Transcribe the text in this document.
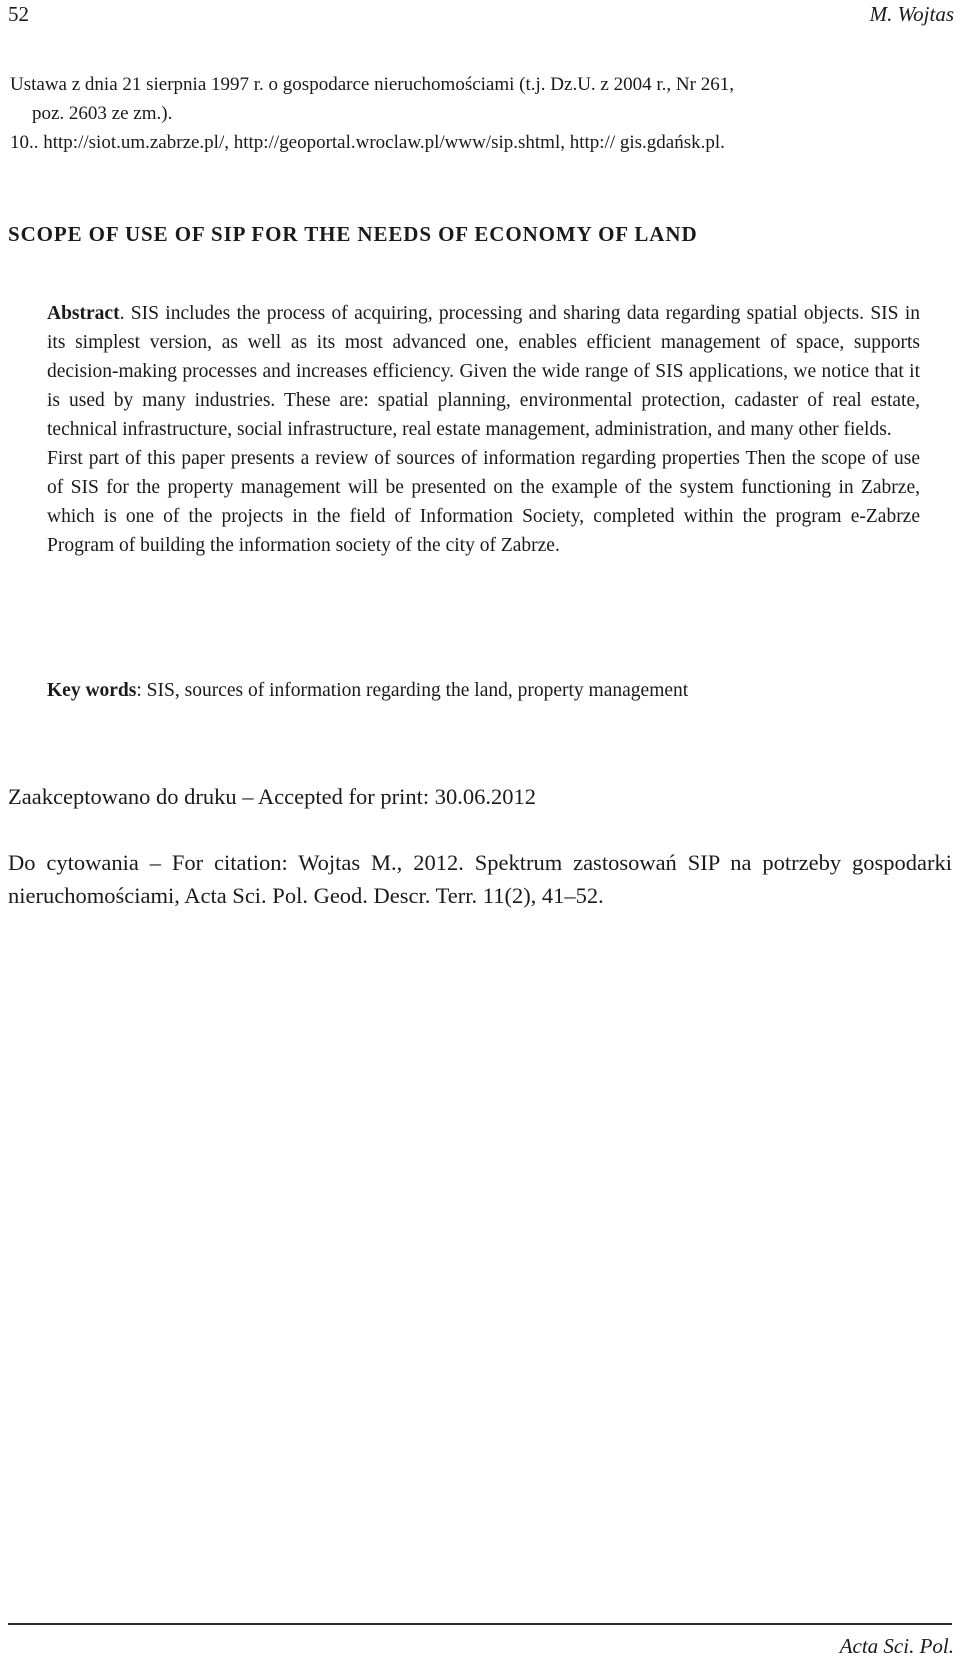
52	M. Wojtas

Ustawa z dnia 21 sierpnia 1997 r. o gospodarce nieruchomościami (t.j. Dz.U. z 2004 r., Nr 261,

poz. 2603 ze zm.).

10.. http://siot.um.zabrze.pl/, http://geoportal.wroclaw.pl/www/sip.shtml, http:// gis.gdańsk.pl.

SCOPE OF USE OF SIP FOR THE NEEDS OF ECONOMY OF LAND

Abstract. SIS includes the process of acquiring, processing and sharing data regarding spatial objects. SIS in its simplest version, as well as its most advanced one, enables efficient management of space, supports decision-making processes and increases efficiency. Given the wide range of SIS applications, we notice that it is used by many industries. These are: spatial planning, environmental protection, cadaster of real estate, technical infrastructure, social infrastructure, real estate management, administration, and many other fields.

First part of this paper presents a review of sources of information regarding properties Then the scope of use of SIS for the property management will be presented on the example of the system functioning in Zabrze, which is one of the projects in the field of Information Society, completed within the program e-Zabrze Program of building the information society of the city of Zabrze.

Key words: SIS, sources of information regarding the land, property management
Zaakceptowano do druku – Accepted for print: 30.06.2012
Do cytowania – For citation: Wojtas M., 2012. Spektrum zastosowań SIP na potrzeby gospodarki nieruchomościami, Acta Sci. Pol. Geod. Descr. Terr. 11(2), 41–52.
Acta Sci. Pol.
